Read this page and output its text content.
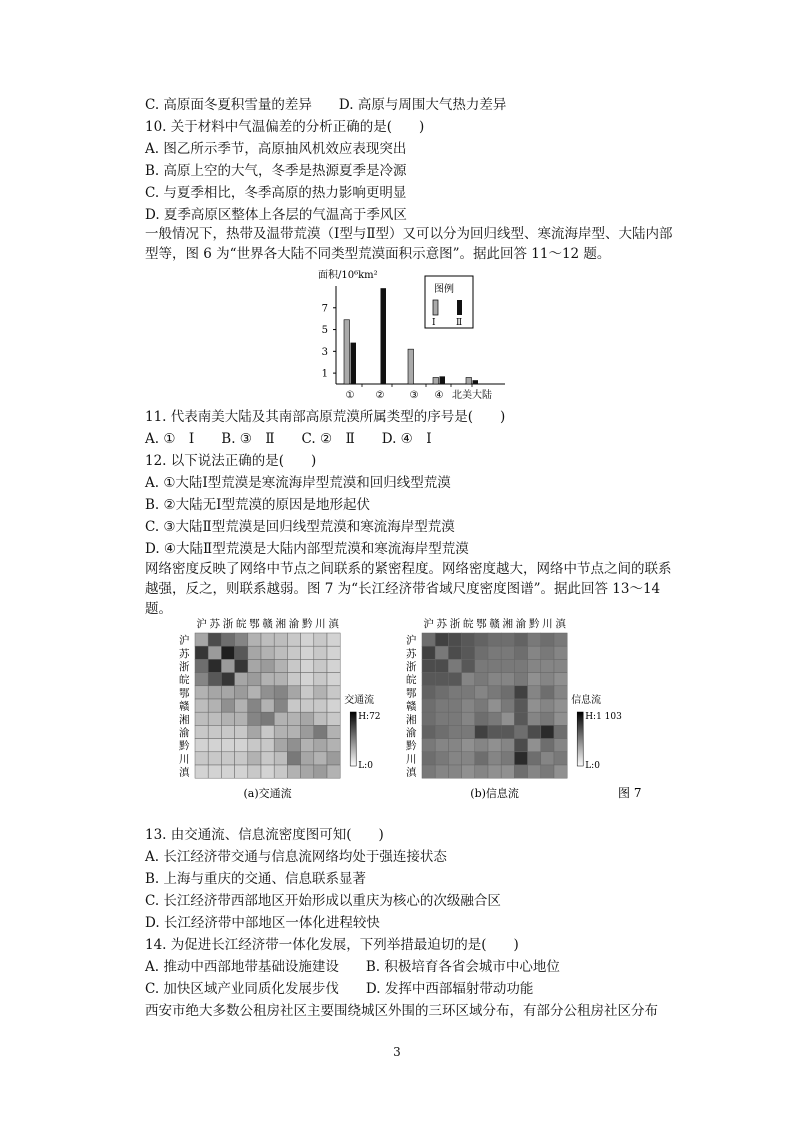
C. 高原面冬夏积雪量的差异　　D. 高原与周围大气热力差异
10. 关于材料中气温偏差的分析正确的是(　　)
A. 图乙所示季节，高原抽风机效应表现突出
B. 高原上空的大气，冬季是热源夏季是冷源
C. 与夏季相比，冬季高原的热力影响更明显
D. 夏季高原区整体上各层的气温高于季风区
一般情况下，热带及温带荒漠（Ⅰ型与Ⅱ型）又可以分为回归线型、寒流海岸型、大陆内部型等，图 6 为“世界各大陆不同类型荒漠面积示意图”。据此回答 11～12 题。
面积/10⁶km²
1
3
5
7
① ②	③ ④ 北美大陆
图例
Ⅰ Ⅱ
11. 代表南美大陆及其南部高原荒漠所属类型的序号是(　　)
A. ①　Ⅰ　　B. ③　Ⅱ　　C. ②　Ⅱ　　D. ④　Ⅰ
12. 以下说法正确的是(　　)
A. ①大陆Ⅰ型荒漠是寒流海岸型荒漠和回归线型荒漠
B. ②大陆无Ⅰ型荒漠的原因是地形起伏
C. ③大陆Ⅱ型荒漠是回归线型荒漠和寒流海岸型荒漠
D. ④大陆Ⅱ型荒漠是大陆内部型荒漠和寒流海岸型荒漠
网络密度反映了网络中节点之间联系的紧密程度。网络密度越大，网络中节点之间的联系越强，反之，则联系越弱。图 7 为“长江经济带省域尺度密度图谱”。据此回答 13～14 题。
沪
沪
苏
苏
浙
浙
皖
皖
鄂
鄂
赣
赣
湘
湘
渝
渝
黔
黔
川
川
滇
滇
交通流
H:72
L:0
(a)交通流
沪
沪
苏
苏
浙
浙
皖
皖
鄂
鄂
赣
赣
湘
湘
渝
渝
黔
黔
川
川
滇
滇
信息流
H:1 103
L:0
(b)信息流	图 7
13. 由交通流、信息流密度图可知(　　)
A. 长江经济带交通与信息流网络均处于强连接状态
B. 上海与重庆的交通、信息联系显著
C. 长江经济带西部地区开始形成以重庆为核心的次级融合区
D. 长江经济带中部地区一体化进程较快
14. 为促进长江经济带一体化发展，下列举措最迫切的是(　　)
A. 推动中西部地带基础设施建设　　B. 积极培育各省会城市中心地位
C. 加快区域产业同质化发展步伐　　D. 发挥中西部辐射带动功能
西安市绝大多数公租房社区主要围绕城区外围的三环区域分布，有部分公租房社区分布
3
